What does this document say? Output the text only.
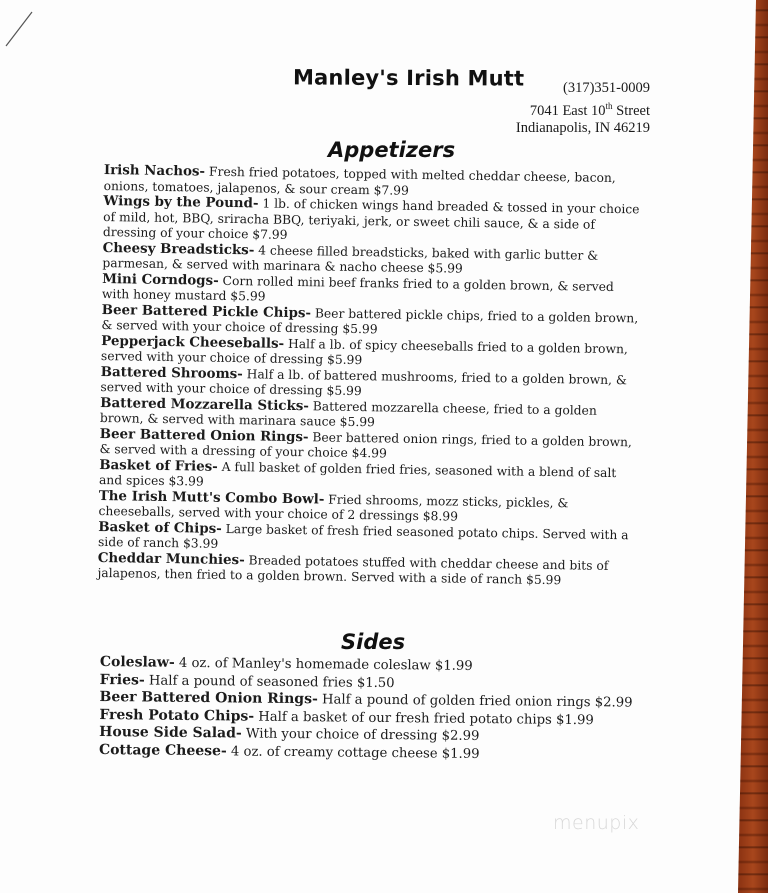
Manley's Irish Mutt	(317)351-0009
7041 East 10th Street
Indianapolis, IN 46219
Appetizers
Irish Nachos- Fresh fried potatoes, topped with melted cheddar cheese, bacon, onions, tomatoes, jalapenos, & sour cream $7.99
Wings by the Pound- 1 lb. of chicken wings hand breaded & tossed in your choice of mild, hot, BBQ, sriracha BBQ, teriyaki, jerk, or sweet chili sauce, & a side of dressing of your choice $7.99
Cheesy Breadsticks- 4 cheese filled breadsticks, baked with garlic butter & parmesan, & served with marinara & nacho cheese $5.99
Mini Corndogs- Corn rolled mini beef franks fried to a golden brown, & served with honey mustard $5.99
Beer Battered Pickle Chips- Beer battered pickle chips, fried to a golden brown, & served with your choice of dressing $5.99
Pepperjack Cheeseballs- Half a lb. of spicy cheeseballs fried to a golden brown, served with your choice of dressing $5.99
Battered Shrooms- Half a lb. of battered mushrooms, fried to a golden brown, & served with your choice of dressing $5.99
Battered Mozzarella Sticks- Battered mozzarella cheese, fried to a golden brown, & served with marinara sauce $5.99
Beer Battered Onion Rings- Beer battered onion rings, fried to a golden brown, & served with a dressing of your choice $4.99
Basket of Fries- A full basket of golden fried fries, seasoned with a blend of salt and spices $3.99
The Irish Mutt's Combo Bowl- Fried shrooms, mozz sticks, pickles, & cheeseballs, served with your choice of 2 dressings $8.99
Basket of Chips- Large basket of fresh fried seasoned potato chips. Served with a side of ranch $3.99
Cheddar Munchies- Breaded potatoes stuffed with cheddar cheese and bits of jalapenos, then fried to a golden brown. Served with a side of ranch $5.99
Sides
Coleslaw- 4 oz. of Manley's homemade coleslaw $1.99
Fries- Half a pound of seasoned fries $1.50
Beer Battered Onion Rings- Half a pound of golden fried onion rings $2.99
Fresh Potato Chips- Half a basket of our fresh fried potato chips $1.99
House Side Salad- With your choice of dressing $2.99
Cottage Cheese- 4 oz. of creamy cottage cheese $1.99
menupix
